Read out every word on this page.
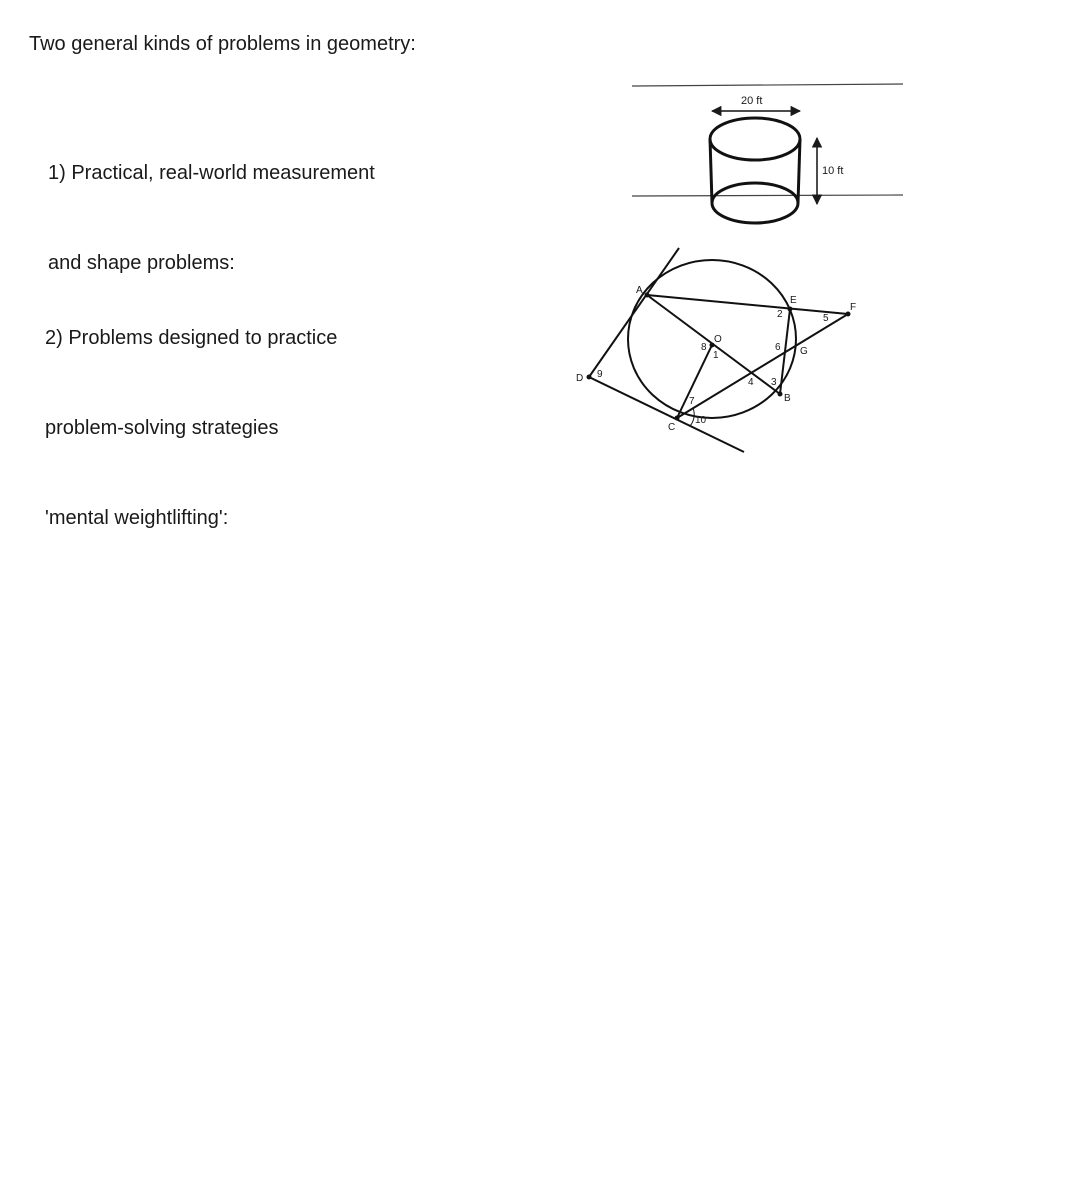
Two general kinds of problems in geometry:

1) Practical, real-world measurement

and shape problems:

2) Problems designed to practice

problem-solving strategies

'mental weightlifting':

20 ft
10 ft
A
E
F
O
G
D
B
C
1
2
3
4
5
6
7
8
9
10
